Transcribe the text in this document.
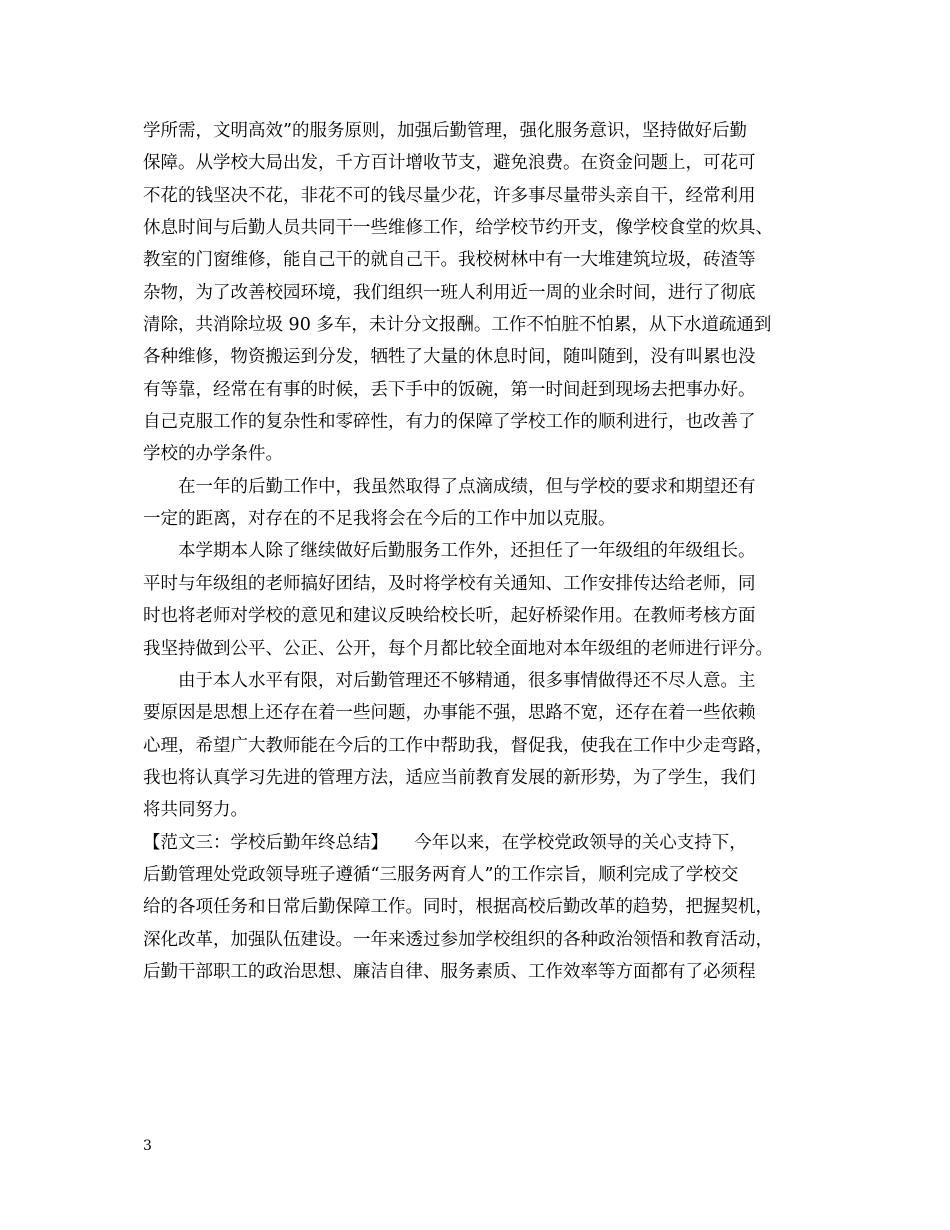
学所需，文明高效”的服务原则，加强后勤管理，强化服务意识，坚持做好后勤
保障。从学校大局出发，千方百计增收节支，避免浪费。在资金问题上，可花可
不花的钱坚决不花，非花不可的钱尽量少花，许多事尽量带头亲自干，经常利用
休息时间与后勤人员共同干一些维修工作，给学校节约开支，像学校食堂的炊具、
教室的门窗维修，能自己干的就自己干。我校树林中有一大堆建筑垃圾，砖渣等
杂物，为了改善校园环境，我们组织一班人利用近一周的业余时间，进行了彻底
清除，共消除垃圾 90 多车，未计分文报酬。工作不怕脏不怕累，从下水道疏通到
各种维修，物资搬运到分发，牺牲了大量的休息时间，随叫随到，没有叫累也没
有等靠，经常在有事的时候，丢下手中的饭碗，第一时间赶到现场去把事办好。
自己克服工作的复杂性和零碎性，有力的保障了学校工作的顺利进行，也改善了
学校的办学条件。
　　在一年的后勤工作中，我虽然取得了点滴成绩，但与学校的要求和期望还有
一定的距离，对存在的不足我将会在今后的工作中加以克服。
　　本学期本人除了继续做好后勤服务工作外，还担任了一年级组的年级组长。
平时与年级组的老师搞好团结，及时将学校有关通知、工作安排传达给老师，同
时也将老师对学校的意见和建议反映给校长听，起好桥梁作用。在教师考核方面
我坚持做到公平、公正、公开，每个月都比较全面地对本年级组的老师进行评分。
　　由于本人水平有限，对后勤管理还不够精通，很多事情做得还不尽人意。主
要原因是思想上还存在着一些问题，办事能不强，思路不宽，还存在着一些依赖
心理，希望广大教师能在今后的工作中帮助我，督促我，使我在工作中少走弯路，
我也将认真学习先进的管理方法，适应当前教育发展的新形势，为了学生，我们
将共同努力。
【范文三：学校后勤年终总结】　　今年以来，在学校党政领导的关心支持下，
后勤管理处党政领导班子遵循“三服务两育人”的工作宗旨，顺利完成了学校交
给的各项任务和日常后勤保障工作。同时，根据高校后勤改革的趋势，把握契机，
深化改革，加强队伍建设。一年来透过参加学校组织的各种政治领悟和教育活动，
后勤干部职工的政治思想、廉洁自律、服务素质、工作效率等方面都有了必须程
3
